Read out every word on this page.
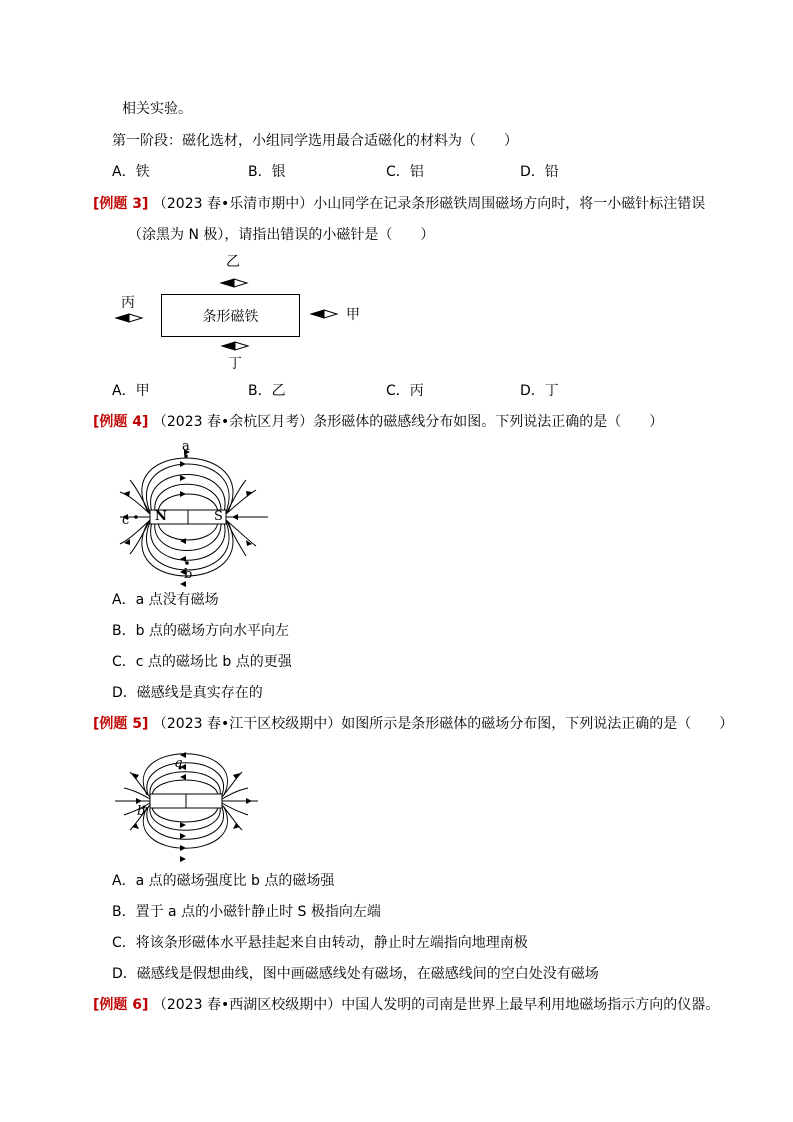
相关实验。
第一阶段：磁化选材，小组同学选用最合适磁化的材料为（　　）
A．铁	B．银	C．铝	D．铅
[例题 3] （2023 春•乐清市期中）小山同学在记录条形磁铁周围磁场方向时，将一小磁针标注错误
（涂黑为 N 极），请指出错误的小磁针是（　　）
乙
丙
甲
丁
条形磁铁
A．甲	B．乙	C．丙	D．丁
[例题 4] （2023 春•余杭区月考）条形磁体的磁感线分布如图。下列说法正确的是（　　）
a
b
c N	S
A．a 点没有磁场
B．b 点的磁场方向水平向左
C．c 点的磁场比 b 点的更强
D．磁感线是真实存在的
[例题 5] （2023 春•江干区校级期中）如图所示是条形磁体的磁场分布图，下列说法正确的是（　　）
a
b
A．a 点的磁场强度比 b 点的磁场强
B．置于 a 点的小磁针静止时 S 极指向左端
C．将该条形磁体水平悬挂起来自由转动，静止时左端指向地理南极
D．磁感线是假想曲线，图中画磁感线处有磁场，在磁感线间的空白处没有磁场
[例题 6] （2023 春•西湖区校级期中）中国人发明的司南是世界上最早利用地磁场指示方向的仪器。
